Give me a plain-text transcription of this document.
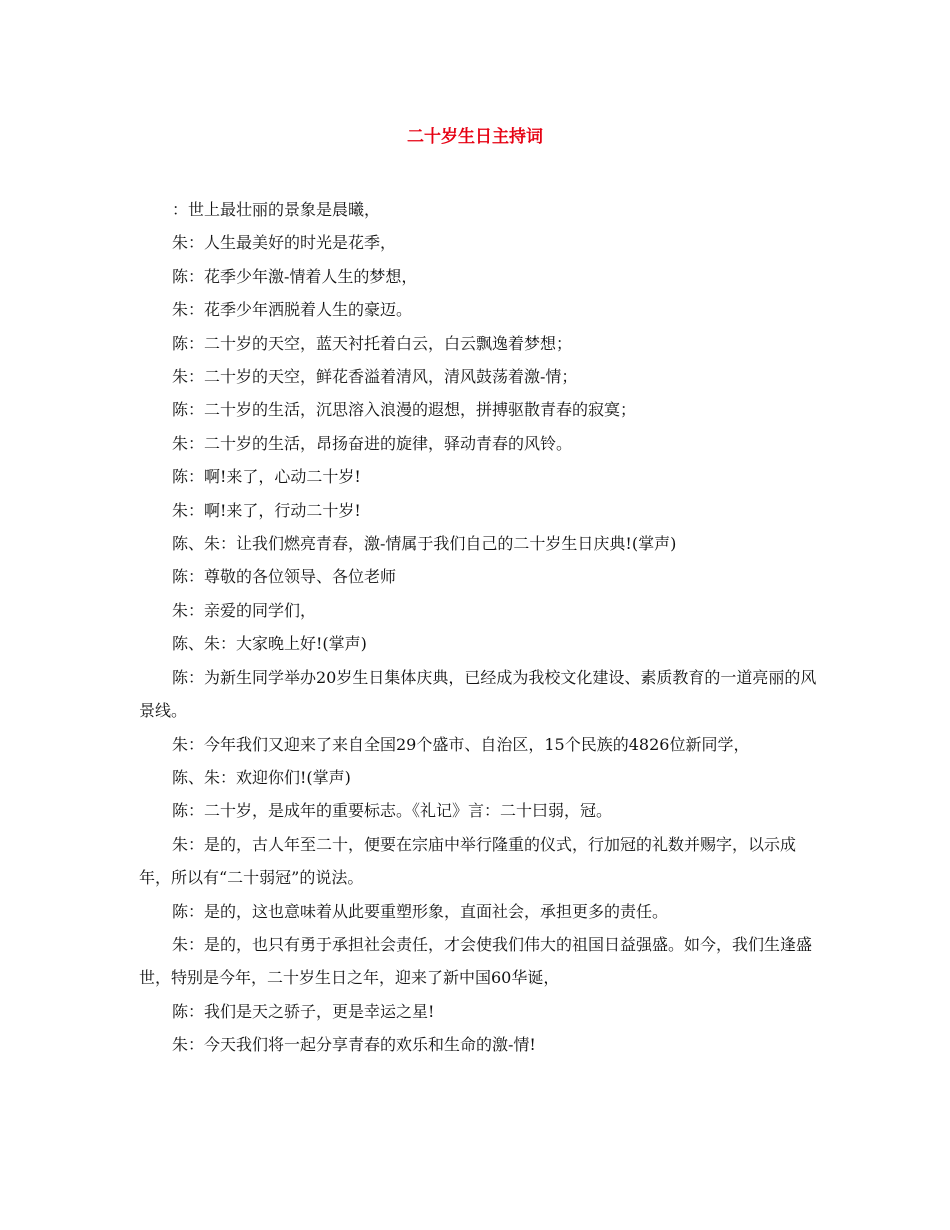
二十岁生日主持词

：世上最壮丽的景象是晨曦，

朱：人生最美好的时光是花季，

陈：花季少年激-情着人生的梦想，

朱：花季少年洒脱着人生的豪迈。

陈：二十岁的天空，蓝天衬托着白云，白云飘逸着梦想；

朱：二十岁的天空，鲜花香溢着清风，清风鼓荡着激-情；

陈：二十岁的生活，沉思溶入浪漫的遐想，拼搏驱散青春的寂寞；

朱：二十岁的生活，昂扬奋进的旋律，驿动青春的风铃。

陈：啊!来了，心动二十岁!

朱：啊!来了，行动二十岁!

陈、朱：让我们燃亮青春，激-情属于我们自己的二十岁生日庆典!(掌声)

陈：尊敬的各位领导、各位老师

朱：亲爱的同学们，

陈、朱：大家晚上好!(掌声)

陈：为新生同学举办20岁生日集体庆典，已经成为我校文化建设、素质教育的一道亮丽的风景线。

朱：今年我们又迎来了来自全国29个盛市、自治区，15个民族的4826位新同学，

陈、朱：欢迎你们!(掌声)

陈：二十岁，是成年的重要标志。《礼记》言：二十曰弱，冠。

朱：是的，古人年至二十，便要在宗庙中举行隆重的仪式，行加冠的礼数并赐字，以示成年，所以有“二十弱冠”的说法。

陈：是的，这也意味着从此要重塑形象，直面社会，承担更多的责任。

朱：是的，也只有勇于承担社会责任，才会使我们伟大的祖国日益强盛。如今，我们生逢盛世，特别是今年，二十岁生日之年，迎来了新中国60华诞，

陈：我们是天之骄子，更是幸运之星!

朱：今天我们将一起分享青春的欢乐和生命的激-情!
